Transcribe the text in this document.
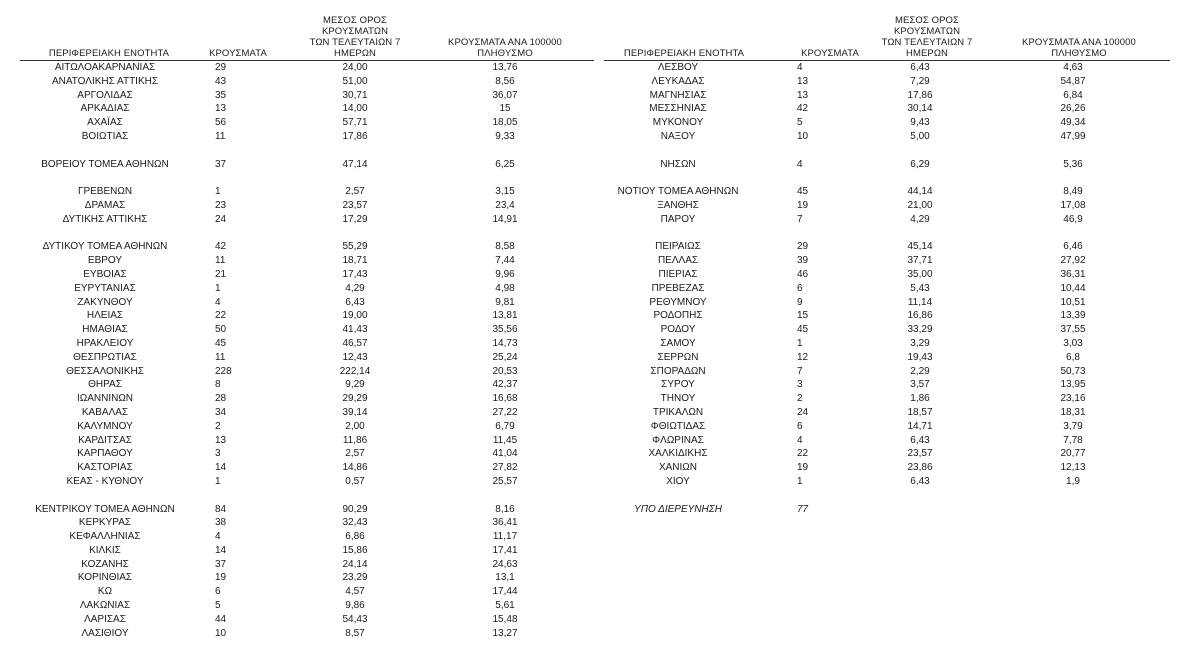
ΠΕΡΙΦΕΡΕΙΑΚΗ ΕΝΟΤΗΤΑ	ΚΡΟΥΣΜΑΤΑ
ΜΕΣΟΣ ΟΡΟΣ ΚΡΟΥΣΜΑΤΩΝ
ΤΩΝ ΤΕΛΕΥΤΑΙΩΝ 7 ΗΜΕΡΩΝ
ΚΡΟΥΣΜΑΤΑ ΑΝΑ 100000
ΠΛΗΘΥΣΜΟ
ΑΙΤΩΛΟΑΚΑΡΝΑΝΙΑΣ	29	24,00	13,76
ΑΝΑΤΟΛΙΚΗΣ ΑΤΤΙΚΗΣ	43	51,00	8,56
ΑΡΓΟΛΙΔΑΣ	35	30,71	36,07
ΑΡΚΑΔΙΑΣ	13	14,00	15
ΑΧΑΪΑΣ	56	57,71	18,05
ΒΟΙΩΤΙΑΣ	11	17,86	9,33
ΒΟΡΕΙΟΥ ΤΟΜΕΑ ΑΘΗΝΩΝ	37	47,14	6,25
ΓΡΕΒΕΝΩΝ	1	2,57	3,15
ΔΡΑΜΑΣ	23	23,57	23,4
ΔΥΤΙΚΗΣ ΑΤΤΙΚΗΣ	24	17,29	14,91
ΔΥΤΙΚΟΥ ΤΟΜΕΑ ΑΘΗΝΩΝ	42	55,29	8,58
ΕΒΡΟΥ	11	18,71	7,44
ΕΥΒΟΙΑΣ	21	17,43	9,96
ΕΥΡΥΤΑΝΙΑΣ	1	4,29	4,98
ΖΑΚΥΝΘΟΥ	4	6,43	9,81
ΗΛΕΙΑΣ	22	19,00	13,81
ΗΜΑΘΙΑΣ	50	41,43	35,56
ΗΡΑΚΛΕΙΟΥ	45	46,57	14,73
ΘΕΣΠΡΩΤΙΑΣ	11	12,43	25,24
ΘΕΣΣΑΛΟΝΙΚΗΣ	228	222,14	20,53
ΘΗΡΑΣ	8	9,29	42,37
ΙΩΑΝΝΙΝΩΝ	28	29,29	16,68
ΚΑΒΑΛΑΣ	34	39,14	27,22
ΚΑΛΥΜΝΟΥ	2	2,00	6,79
ΚΑΡΔΙΤΣΑΣ	13	11,86	11,45
ΚΑΡΠΑΘΟΥ	3	2,57	41,04
ΚΑΣΤΟΡΙΑΣ	14	14,86	27,82
ΚΕΑΣ - ΚΥΘΝΟΥ	1	0,57	25,57
ΚΕΝΤΡΙΚΟΥ ΤΟΜΕΑ ΑΘΗΝΩΝ	84	90,29	8,16
ΚΕΡΚΥΡΑΣ	38	32,43	36,41
ΚΕΦΑΛΛΗΝΙΑΣ	4	6,86	11,17
ΚΙΛΚΙΣ	14	15,86	17,41
ΚΟΖΑΝΗΣ	37	24,14	24,63
ΚΟΡΙΝΘΙΑΣ	19	23,29	13,1
ΚΩ	6	4,57	17,44
ΛΑΚΩΝΙΑΣ	5	9,86	5,61
ΛΑΡΙΣΑΣ	44	54,43	15,48
ΛΑΣΙΘΙΟΥ	10	8,57	13,27
ΠΕΡΙΦΕΡΕΙΑΚΗ ΕΝΟΤΗΤΑ	ΚΡΟΥΣΜΑΤΑ
ΜΕΣΟΣ ΟΡΟΣ ΚΡΟΥΣΜΑΤΩΝ
ΤΩΝ ΤΕΛΕΥΤΑΙΩΝ 7 ΗΜΕΡΩΝ
ΚΡΟΥΣΜΑΤΑ ΑΝΑ 100000
ΠΛΗΘΥΣΜΟ
ΛΕΣΒΟΥ	4	6,43	4,63
ΛΕΥΚΑΔΑΣ	13	7,29	54,87
ΜΑΓΝΗΣΙΑΣ	13	17,86	6,84
ΜΕΣΣΗΝΙΑΣ	42	30,14	26,26
ΜΥΚΟΝΟΥ	5	9,43	49,34
ΝΑΞΟΥ	10	5,00	47,99
ΝΗΣΩΝ	4	6,29	5,36
ΝΟΤΙΟΥ ΤΟΜΕΑ ΑΘΗΝΩΝ	45	44,14	8,49
ΞΑΝΘΗΣ	19	21,00	17,08
ΠΑΡΟΥ	7	4,29	46,9
ΠΕΙΡΑΙΩΣ	29	45,14	6,46
ΠΕΛΛΑΣ	39	37,71	27,92
ΠΙΕΡΙΑΣ	46	35,00	36,31
ΠΡΕΒΕΖΑΣ	6	5,43	10,44
ΡΕΘΥΜΝΟΥ	9	11,14	10,51
ΡΟΔΟΠΗΣ	15	16,86	13,39
ΡΟΔΟΥ	45	33,29	37,55
ΣΑΜΟΥ	1	3,29	3,03
ΣΕΡΡΩΝ	12	19,43	6,8
ΣΠΟΡΑΔΩΝ	7	2,29	50,73
ΣΥΡΟΥ	3	3,57	13,95
ΤΗΝΟΥ	2	1,86	23,16
ΤΡΙΚΑΛΩΝ	24	18,57	18,31
ΦΘΙΩΤΙΔΑΣ	6	14,71	3,79
ΦΛΩΡΙΝΑΣ	4	6,43	7,78
ΧΑΛΚΙΔΙΚΗΣ	22	23,57	20,77
ΧΑΝΙΩΝ	19	23,86	12,13
ΧΙΟΥ	1	6,43	1,9
ΥΠΟ ΔΙΕΡΕΥΝΗΣΗ	77
